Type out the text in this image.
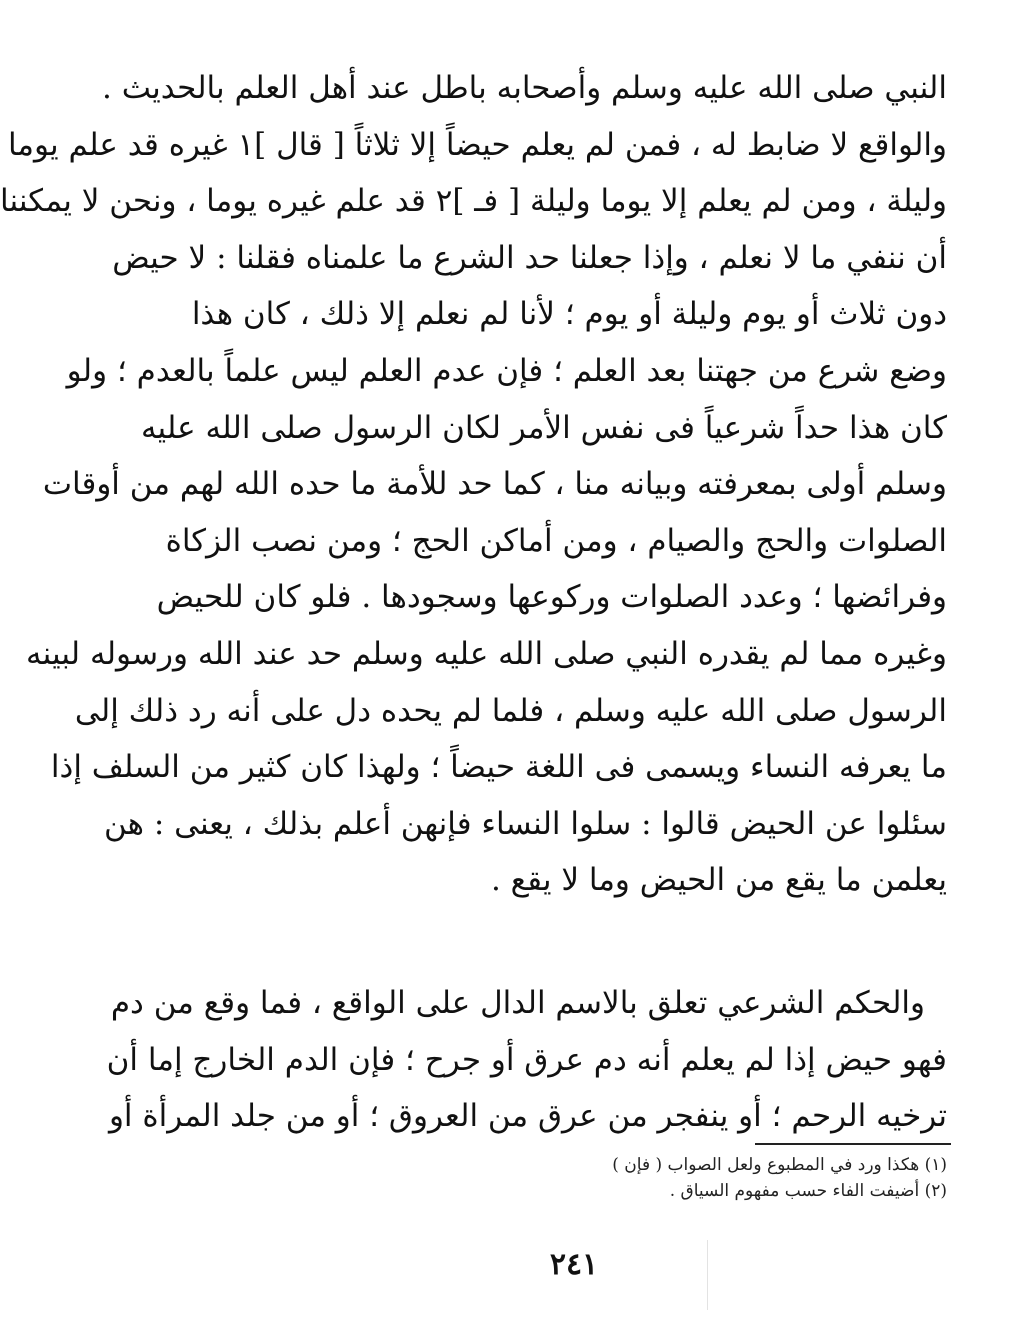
النبي صلى الله عليه وسلم وأصحابه باطل عند أهل العلم بالحديث .
والواقع لا ضابط له ، فمن لم يعلم حيضاً إلا ثلاثاً [ قال ]١ غيره قد علم يوما
وليلة ، ومن لم يعلم إلا يوما وليلة [ فـ ]٢ قد علم غيره يوما ، ونحن لا يمكننا
أن ننفي ما لا نعلم ، وإذا جعلنا حد الشرع ما علمناه فقلنا : لا حيض
دون ثلاث أو يوم وليلة أو يوم ؛ لأنا لم نعلم إلا ذلك ، كان هذا
وضع شرع من جهتنا بعد العلم ؛ فإن عدم العلم ليس علماً بالعدم ؛ ولو
كان هذا حداً شرعياً فى نفس الأمر لكان الرسول صلى الله عليه
وسلم أولى بمعرفته وبيانه منا ، كما حد للأمة ما حده الله لهم من أوقات
الصلوات والحج والصيام ، ومن أماكن الحج ؛ ومن نصب الزكاة
وفرائضها ؛ وعدد الصلوات وركوعها وسجودها . فلو كان للحيض
وغيره مما لم يقدره النبي صلى الله عليه وسلم حد عند الله ورسوله لبينه
الرسول صلى الله عليه وسلم ، فلما لم يحده دل على أنه رد ذلك إلى
ما يعرفه النساء ويسمى فى اللغة حيضاً ؛ ولهذا كان كثير من السلف إذا
سئلوا عن الحيض قالوا : سلوا النساء فإنهن أعلم بذلك ، يعنى : هن
يعلمن ما يقع من الحيض وما لا يقع .
والحكم الشرعي تعلق بالاسم الدال على الواقع ، فما وقع من دم
فهو حيض إذا لم يعلم أنه دم عرق أو جرح ؛ فإن الدم الخارج إما أن
ترخيه الرحم ؛ أو ينفجر من عرق من العروق ؛ أو من جلد المرأة أو
(١) هكذا ورد في المطبوع ولعل الصواب ( فإن )
(٢) أضيفت الفاء حسب مفهوم السياق .
٢٤١
